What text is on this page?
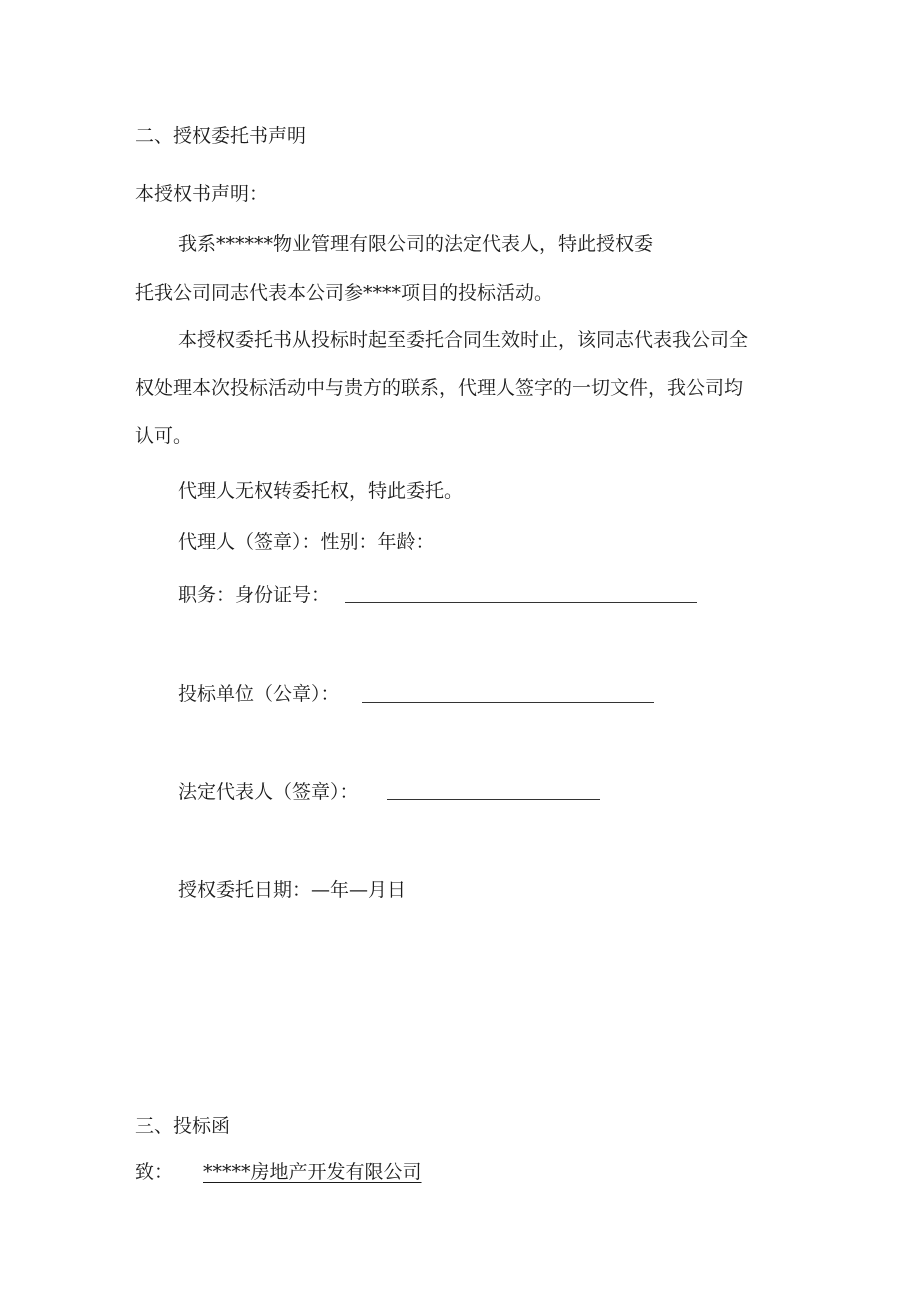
二、授权委托书声明
本授权书声明：
我系******物业管理有限公司的法定代表人，特此授权委
托我公司同志代表本公司参****项目的投标活动。
本授权委托书从投标时起至委托合同生效时止，该同志代表我公司全
权处理本次投标活动中与贵方的联系，代理人签字的一切文件，我公司均
认可。
代理人无权转委托权，特此委托。
代理人（签章）：性别：年龄：
职务：身份证号：
投标单位（公章）：
法定代表人（签章）：
授权委托日期：—年—月日
三、投标函
致： *****房地产开发有限公司
